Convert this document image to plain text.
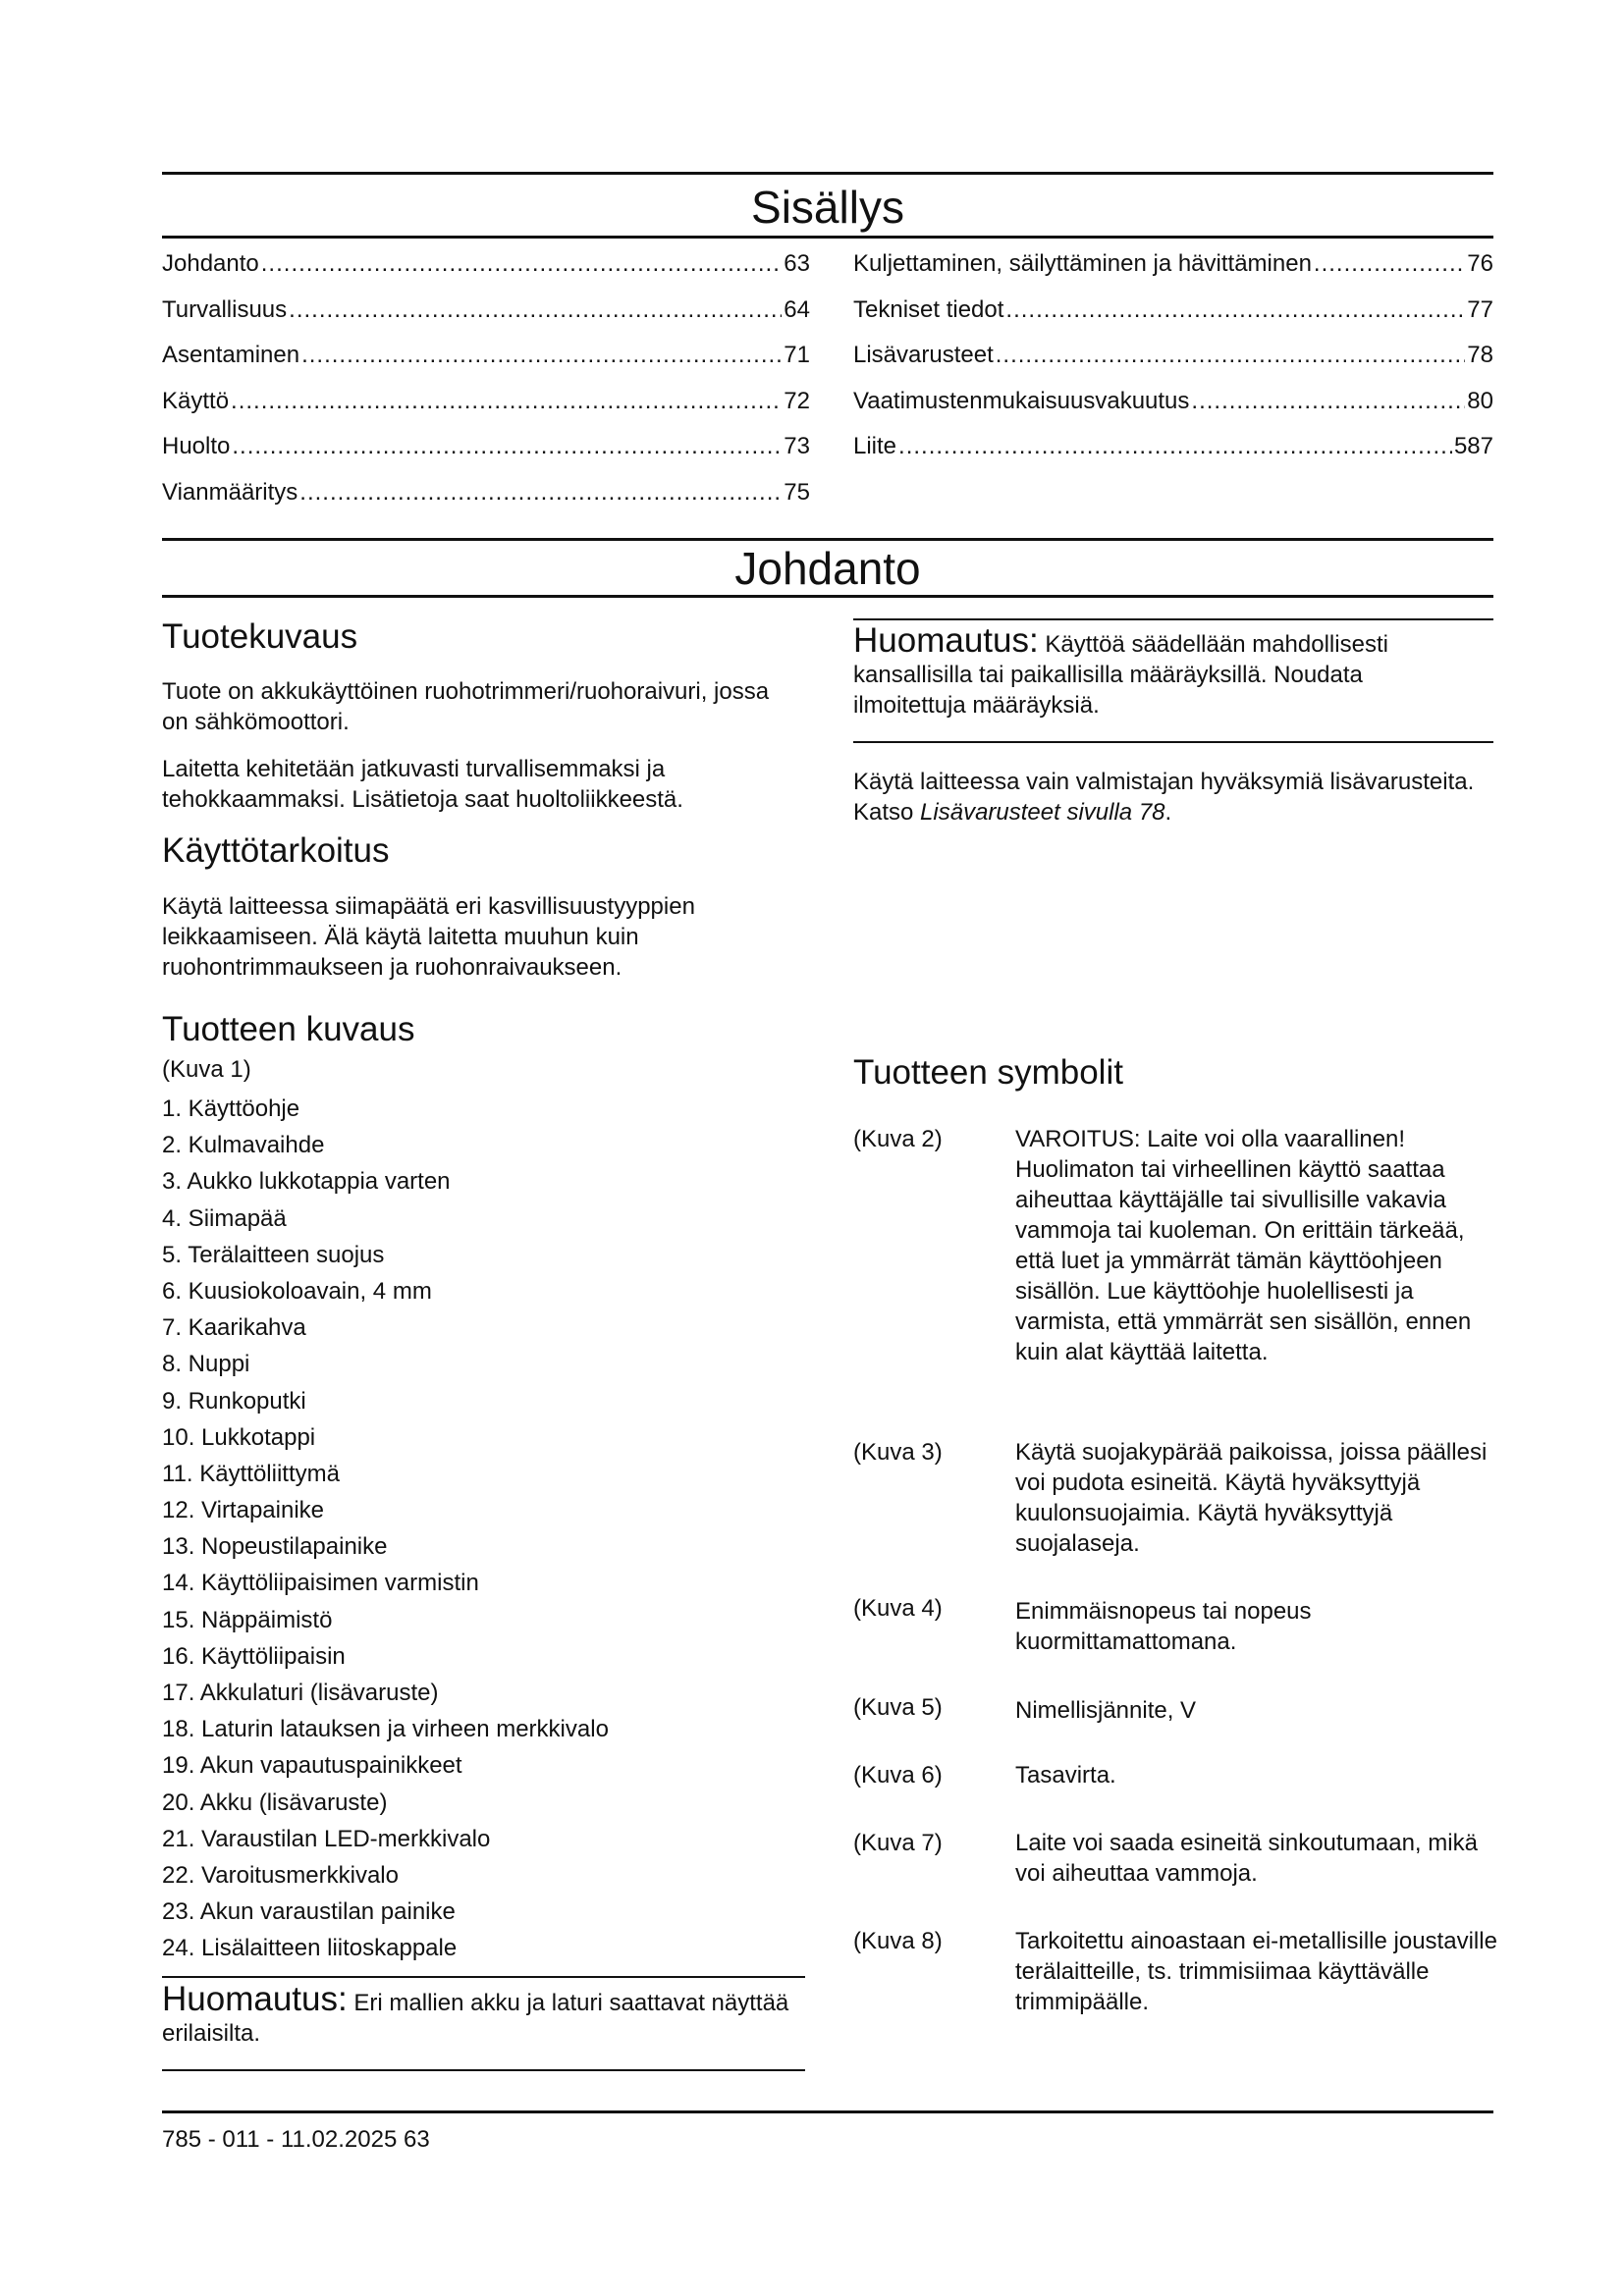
Sisällys
Johdanto .....	63
Turvallisuus .....	64
Asentaminen .....	71
Käyttö .....	72
Huolto .....	73
Vianmääritys .....	75
Kuljettaminen, säilyttäminen ja hävittäminen .....	76
Tekniset tiedot .....	77
Lisävarusteet .....	78
Vaatimustenmukaisuusvakuutus .....	80
Liite .....	587
Johdanto
Tuotekuvaus
Tuote on akkukäyttöinen ruohotrimmeri/ruohoraivuri, jossa on sähkömoottori.
Laitetta kehitetään jatkuvasti turvallisemmaksi ja tehokkaammaksi. Lisätietoja saat huoltoliikkeestä.
Käyttötarkoitus
Käytä laitteessa siimapäätä eri kasvillisuustyyppien leikkaamiseen. Älä käytä laitetta muuhun kuin ruohontrimmaukseen ja ruohonraivaukseen.
Tuotteen kuvaus
(Kuva 1)
1. Käyttöohje
2. Kulmavaihde
3. Aukko lukkotappia varten
4. Siimapää
5. Terälaitteen suojus
6. Kuusiokoloavain, 4 mm
7. Kaarikahva
8. Nuppi
9. Runkoputki
10. Lukkotappi
11. Käyttöliittymä
12. Virtapainike
13. Nopeustilapainike
14. Käyttöliipaisimen varmistin
15. Näppäimistö
16. Käyttöliipaisin
17. Akkulaturi (lisävaruste)
18. Laturin latauksen ja virheen merkkivalo
19. Akun vapautuspainikkeet
20. Akku (lisävaruste)
21. Varaustilan LED-merkkivalo
22. Varoitusmerkkivalo
23. Akun varaustilan painike
24. Lisälaitteen liitoskappale
Huomautus: Eri mallien akku ja laturi saattavat näyttää erilaisilta.
Huomautus: Käyttöä säädellään mahdollisesti kansallisilla tai paikallisilla määräyksillä. Noudata ilmoitettuja määräyksiä.
Käytä laitteessa vain valmistajan hyväksymiä lisävarusteita. Katso Lisävarusteet sivulla 78.
Tuotteen symbolit
(Kuva 2)	VAROITUS: Laite voi olla vaarallinen! Huolimaton tai virheellinen käyttö saattaa aiheuttaa käyttäjälle tai sivullisille vakavia vammoja tai kuoleman. On erittäin tärkeää, että luet ja ymmärrät tämän käyttöohjeen sisällön. Lue käyttöohje huolellisesti ja varmista, että ymmärrät sen sisällön, ennen kuin alat käyttää laitetta.
(Kuva 3)	Käytä suojakypärää paikoissa, joissa päällesi voi pudota esineitä. Käytä hyväksyttyjä kuulonsuojaimia. Käytä hyväksyttyjä suojalaseja.
(Kuva 4)	Enimmäisnopeus tai nopeus kuormittamattomana.
(Kuva 5)	Nimellisjännite, V
(Kuva 6)	Tasavirta.
(Kuva 7)	Laite voi saada esineitä sinkoutumaan, mikä voi aiheuttaa vammoja.
(Kuva 8)	Tarkoitettu ainoastaan ei-metallisille joustaville terälaitteille, ts. trimmisiimaa käyttävälle trimmipäälle.
785 - 011 - 11.02.2025 63
